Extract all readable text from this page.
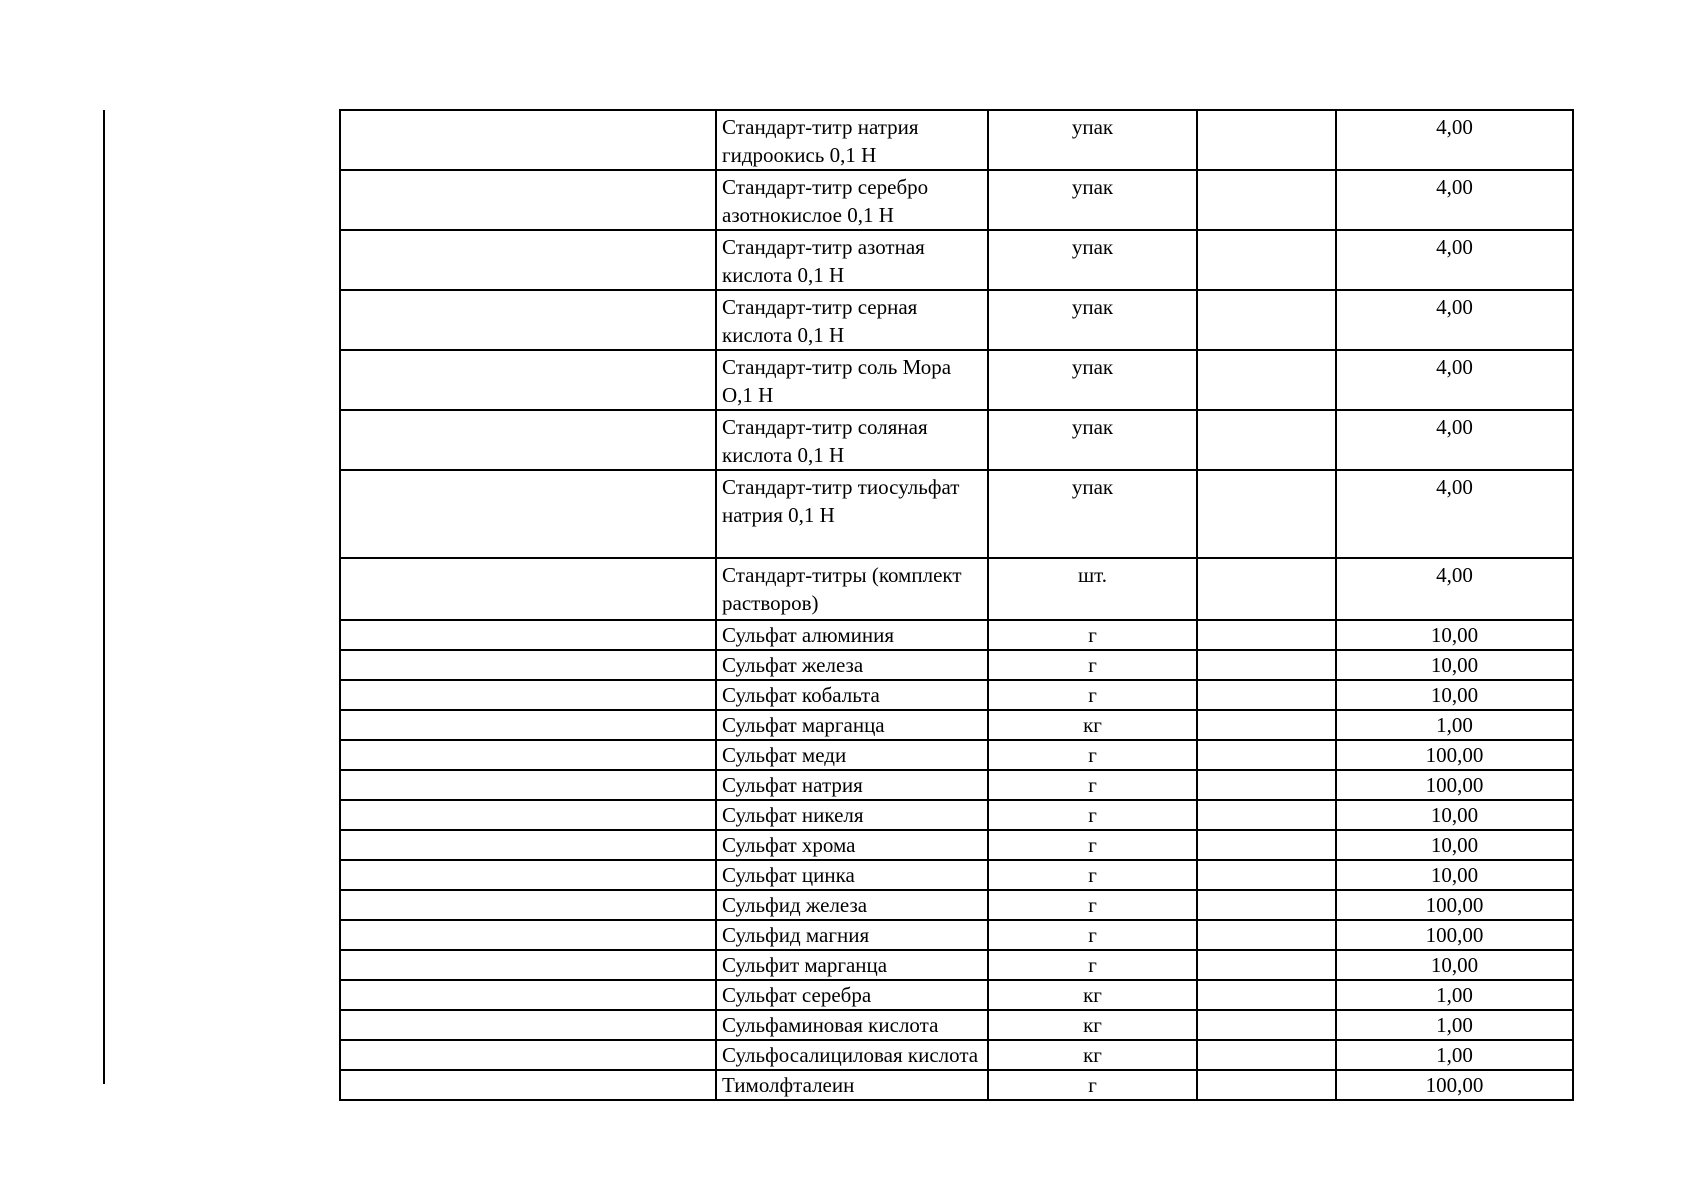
	Стандарт-титр натрия гидроокись 0,1 Н	упак		4,00
	Стандарт-титр серебро азотнокислое 0,1 Н	упак		4,00
	Стандарт-титр азотная кислота 0,1 Н	упак		4,00
	Стандарт-титр серная кислота 0,1 Н	упак		4,00
	Стандарт-титр соль Мора О,1 Н	упак		4,00
	Стандарт-титр соляная кислота 0,1 Н	упак		4,00
	Стандарт-титр тиосульфат натрия 0,1 Н	упак		4,00
	Стандарт-титры (комплект растворов)	шт.		4,00
	Сульфат алюминия	г		10,00
	Сульфат железа	г		10,00
	Сульфат кобальта	г		10,00
	Сульфат марганца	кг		1,00
	Сульфат меди	г		100,00
	Сульфат натрия	г		100,00
	Сульфат никеля	г		10,00
	Сульфат хрома	г		10,00
	Сульфат цинка	г		10,00
	Сульфид железа	г		100,00
	Сульфид магния	г		100,00
	Сульфит марганца	г		10,00
	Сульфат серебра	кг		1,00
	Сульфаминовая кислота	кг		1,00
	Сульфосалициловая кислота	кг		1,00
	Тимолфталеин	г		100,00
